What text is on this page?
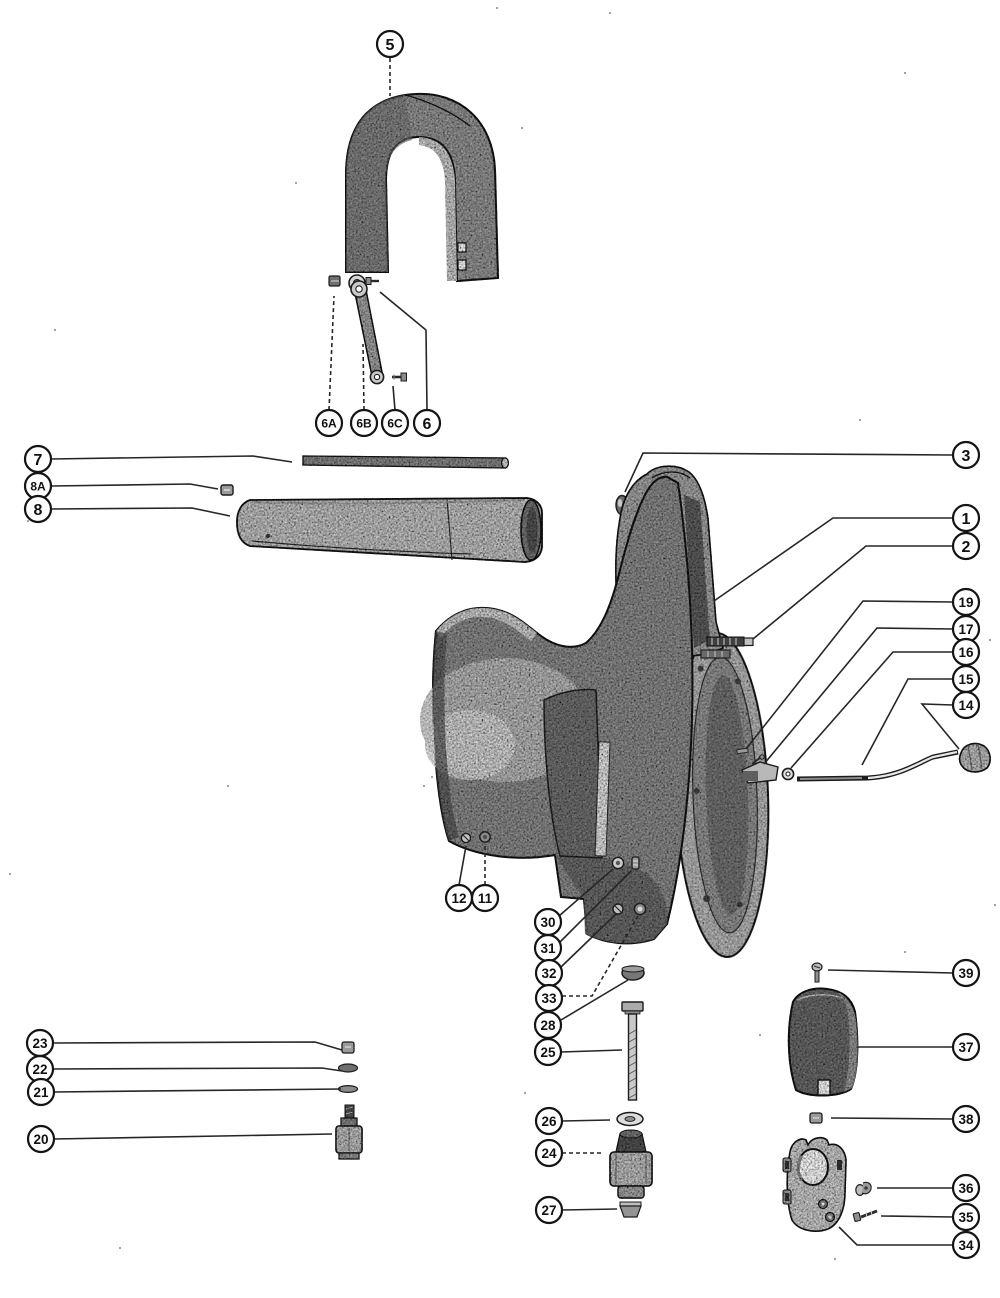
5
6A 6B 6C 6
7
8A
8
3
1
2
19
17
16
15
14
12 11
30
31
32
33
28
25
26
24
27
23
22
21
20
39
37
38
36
35
34
